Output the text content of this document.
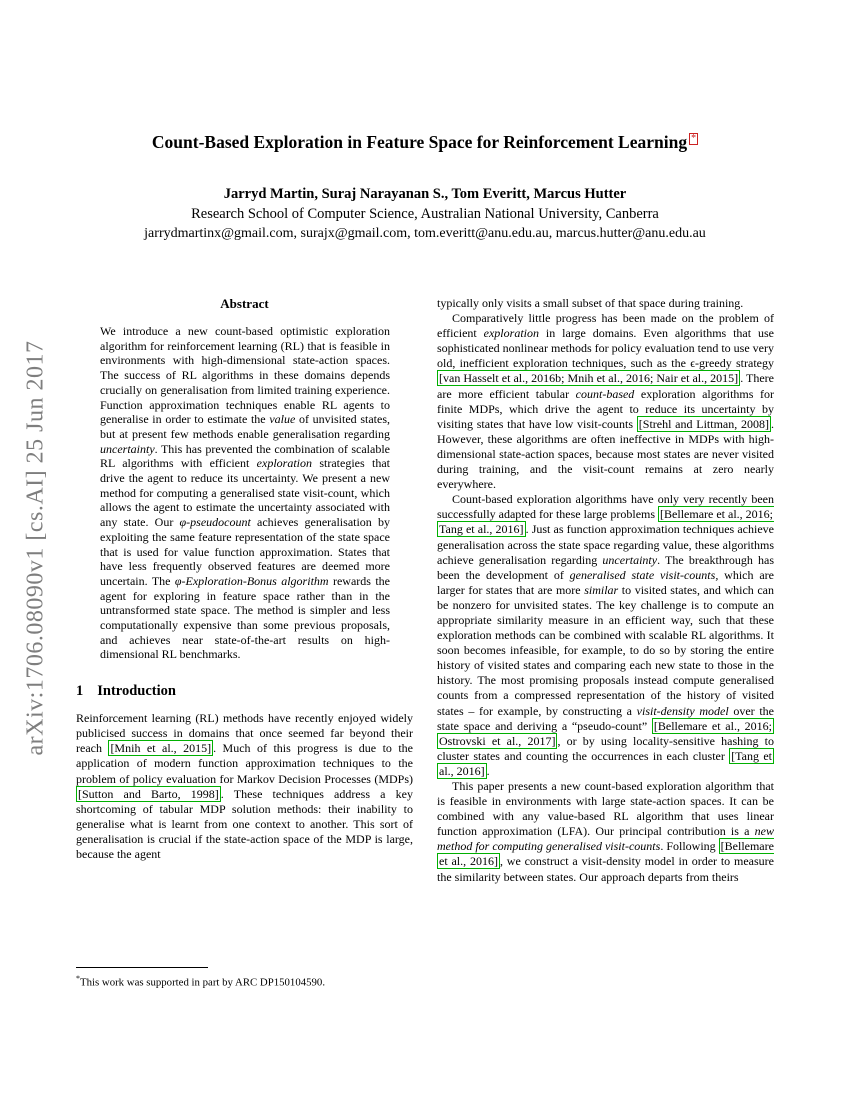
arXiv:1706.08090v1 [cs.AI] 25 Jun 2017
Count-Based Exploration in Feature Space for Reinforcement Learning *
Jarryd Martin, Suraj Narayanan S., Tom Everitt, Marcus Hutter
Research School of Computer Science, Australian National University, Canberra
jarrydmartinx@gmail.com, surajx@gmail.com, tom.everitt@anu.edu.au, marcus.hutter@anu.edu.au
Abstract

We introduce a new count-based optimistic exploration algorithm for reinforcement learning (RL) that is feasible in environments with high-dimensional state-action spaces. The success of RL algorithms in these domains depends crucially on generalisation from limited training experience. Function approximation techniques enable RL agents to generalise in order to estimate the value of unvisited states, but at present few methods enable generalisation regarding uncertainty. This has prevented the combination of scalable RL algorithms with efficient exploration strategies that drive the agent to reduce its uncertainty. We present a new method for computing a generalised state visit-count, which allows the agent to estimate the uncertainty associated with any state. Our φ-pseudocount achieves generalisation by exploiting the same feature representation of the state space that is used for value function approximation. States that have less frequently observed features are deemed more uncertain. The φ-Exploration-Bonus algorithm rewards the agent for exploring in feature space rather than in the untransformed state space. The method is simpler and less computationally expensive than some previous proposals, and achieves near state-of-the-art results on high-dimensional RL benchmarks.

1 Introduction

Reinforcement learning (RL) methods have recently enjoyed widely publicised success in domains that once seemed far beyond their reach [Mnih et al., 2015] . Much of this progress is due to the application of modern function approximation techniques to the problem of policy evaluation for Markov Decision Processes (MDPs) [Sutton and Barto, 1998] . These techniques address a key shortcoming of tabular MDP solution methods: their inability to generalise what is learnt from one context to another. This sort of generalisation is crucial if the state-action space of the MDP is large, because the agent

*This work was supported in part by ARC DP150104590.

typically only visits a small subset of that space during training.

Comparatively little progress has been made on the problem of efficient exploration in large domains. Even algorithms that use sophisticated nonlinear methods for policy evaluation tend to use very old, inefficient exploration techniques, such as the ϵ-greedy strategy [van Hasselt et al., 2016b; Mnih et al., 2016; Nair et al., 2015] . There are more efficient tabular count-based exploration algorithms for finite MDPs, which drive the agent to reduce its uncertainty by visiting states that have low visit-counts [Strehl and Littman, 2008] . However, these algorithms are often ineffective in MDPs with high-dimensional state-action spaces, because most states are never visited during training, and the visit-count remains at zero nearly everywhere.

Count-based exploration algorithms have only very recently been successfully adapted for these large problems [Bellemare et al., 2016; Tang et al., 2016] . Just as function approximation techniques achieve generalisation across the state space regarding value, these algorithms achieve generalisation regarding uncertainty. The breakthrough has been the development of generalised state visit-counts, which are larger for states that are more similar to visited states, and which can be nonzero for unvisited states. The key challenge is to compute an appropriate similarity measure in an efficient way, such that these exploration methods can be combined with scalable RL algorithms. It soon becomes infeasible, for example, to do so by storing the entire history of visited states and comparing each new state to those in the history. The most promising proposals instead compute generalised counts from a compressed representation of the history of visited states – for example, by constructing a visit-density model over the state space and deriving a “pseudo-count” [Bellemare et al., 2016; Ostrovski et al., 2017] , or by using locality-sensitive hashing to cluster states and counting the occurrences in each cluster [Tang et al., 2016] .

This paper presents a new count-based exploration algorithm that is feasible in environments with large state-action spaces. It can be combined with any value-based RL algorithm that uses linear function approximation (LFA). Our principal contribution is a new method for computing generalised visit-counts. Following [Bellemare et al., 2016] , we construct a visit-density model in order to measure the similarity between states. Our approach departs from theirs
